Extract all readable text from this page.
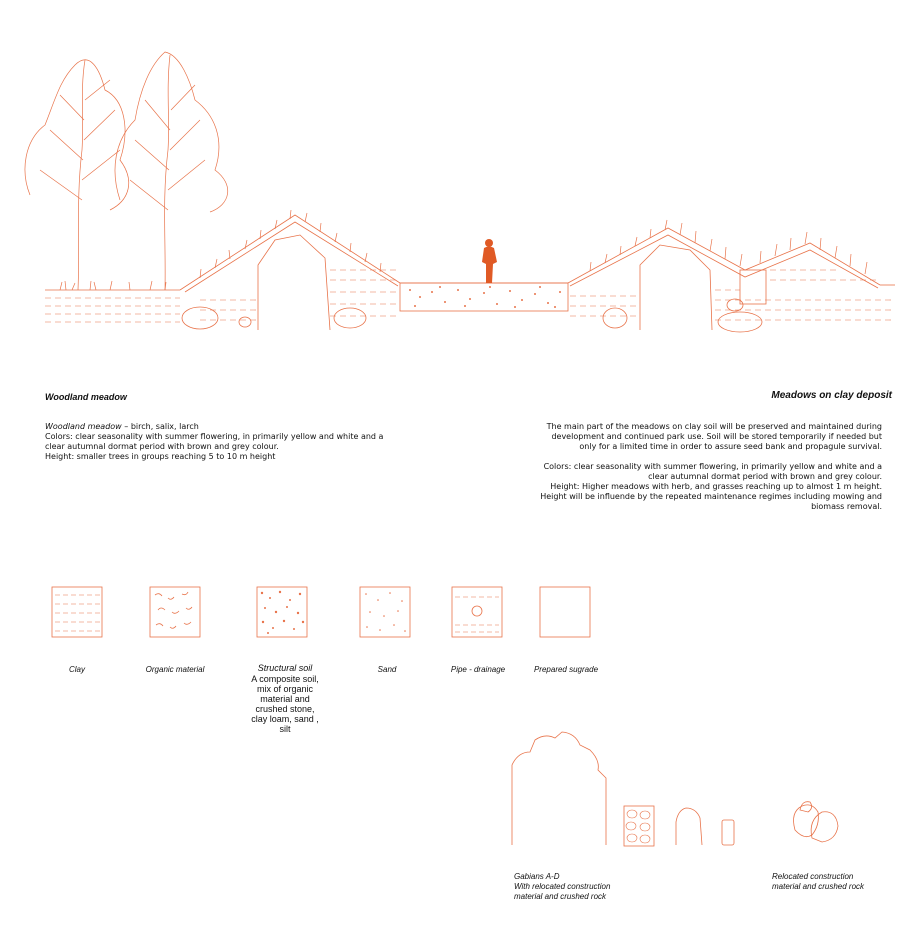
Woodland meadow	Meadows on clay deposit
Woodland meadow – birch, salix, larch
Colors: clear seasonality with summer flowering, in primarily yellow and white and a
clear autumnal dormat period with brown and grey colour.
Height: smaller trees in groups reaching 5 to 10 m height
The main part of the meadows on clay soil will be preserved and maintained during
development and continued park use. Soil will be stored temporarily if needed but
only for a limited time in order to assure seed bank and propagule survival.
Colors: clear seasonality with summer flowering, in primarily yellow and white and a
clear autumnal dormat period with brown and grey colour.
Height: Higher meadows with herb, and grasses reaching up to almost 1 m height.
Height will be influende by the repeated maintenance regimes including mowing and
biomass removal.
Clay	Organic material	Structural soil
A composite soil,
mix of organic
material and
crushed stone,
clay loam, sand ,
silt
Sand	Pipe - drainage	Prepared sugrade
Gabians A-D
With relocated construction
material and crushed rock
Relocated construction
material and crushed rock
